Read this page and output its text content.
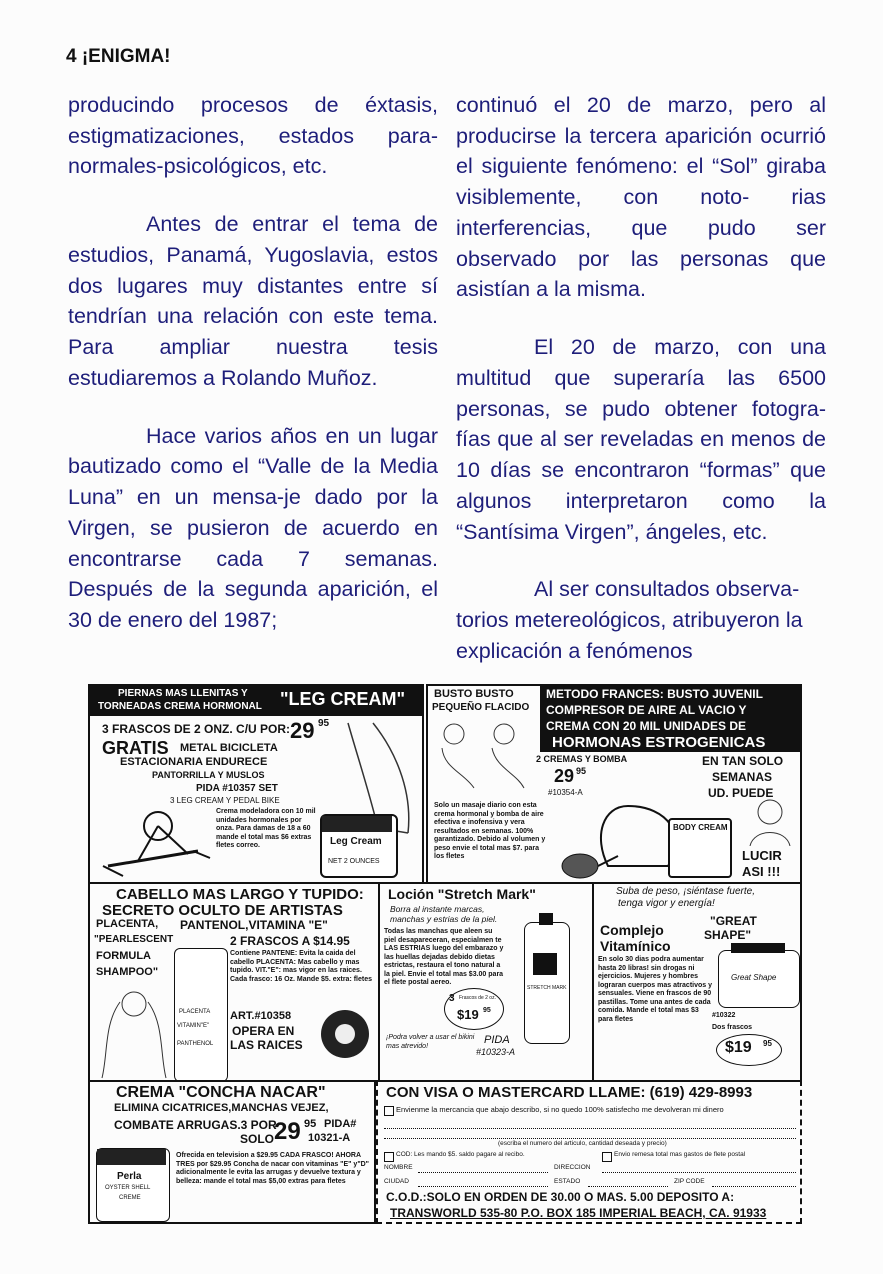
4 ¡ENIGMA!

producindo procesos de éxtasis, estigmatizaciones, estados para- normales-psicológicos, etc.

Antes de entrar el tema de estudios, Panamá, Yugoslavia, estos dos lugares muy distantes entre sí tendrían una relación con este tema. Para ampliar nuestra tesis estudiaremos a Rolando Muñoz.

Hace varios años en un lugar bautizado como el “Valle de la Media Luna” en un mensa-je dado por la Virgen, se pusieron de acuerdo en encontrarse cada 7 semanas. Después de la segunda aparición, el 30 de enero del 1987;

continuó el 20 de marzo, pero al producirse la tercera aparición ocurrió el siguiente fenómeno: el “Sol” giraba visiblemente, con noto- rias interferencias, que pudo ser observado por las personas que asistían a la misma.

El 20 de marzo, con una multitud que superaría las 6500 personas, se pudo obtener fotogra- fías que al ser reveladas en menos de 10 días se encontraron “formas” que algunos interpretaron como la “Santísima Virgen”, ángeles, etc.

Al ser consultados observa- torios metereológicos, atribuyeron la explicación a fenómenos

PIERNAS MAS LLENITAS Y
TORNEADAS CREMA HORMONAL "LEG CREAM"
3 FRASCOS DE 2 ONZ. C/U POR: 29 95
GRATIS METAL BICICLETA
ESTACIONARIA ENDURECE
PANTORRILLA Y MUSLOS
PIDA #10357 SET
3 LEG CREAM Y PEDAL BIKE
Crema modeladora con 10 mil unidades hormonales por onza. Para damas de 18 a 60 mande el total mas $6 extras fletes correo.	Leg Cream
NET 2 OUNCES
BUSTO BUSTO
PEQUEÑO FLACIDO
METODO FRANCES: BUSTO JUVENIL
COMPRESOR DE AIRE AL VACIO Y
CREMA CON 20 MIL UNIDADES DE
HORMONAS ESTROGENICAS
2 CREMAS Y BOMBA
29 95
#10354-A
EN TAN SOLO
SEMANAS
UD. PUEDE
Solo un masaje diario con esta crema hormonal y bomba de aire efectiva e inofensiva y vera resultados en semanas. 100% garantizado. Debido al volumen y peso envie el total mas $7. para los fletes
BODY CREAM
LUCIR
ASI !!!
CABELLO MAS LARGO Y TUPIDO:
SECRETO OCULTO DE ARTISTAS
PLACENTA, PANTENOL,VITAMINA "E"
"PEARLESCENT
FORMULA
SHAMPOO"
2 FRASCOS A $14.95
Contiene PANTENE: Evita la caida del cabello PLACENTA: Mas cabello y mas tupido. VIT."E": mas vigor en las raices. Cada frasco: 16 Oz. Mande $5. extra: fletes
PLACENTA
VITAMIN"E"
PANTHENOL
ART.#10358
OPERA EN
LAS RAICES
Loción "Stretch Mark"
Borra al instante marcas, manchas y estrias de la piel.
Todas las manchas que aleen su piel desapareceran, especialmen te LAS ESTRIAS luego del embarazo y las huellas dejadas debido dietas estrictas, restaura el tono natural a la piel. Envie el total mas $3.00 para el flete postal aereo.
3 Frascos de 2 oz.
$19 95
STRETCH MARK
¡Podra volver a usar el bikini mas atrevido!	PIDA
#10323-A
Suba de peso, ¡siéntase fuerte,
tenga vigor y energía!
"GREAT
SHAPE"
Complejo
Vitamínico
En solo 30 dias podra aumentar hasta 20 libras! sin drogas ni ejercicios. Mujeres y hombres lograran cuerpos mas atractivos y sensuales. Viene en frascos de 90 pastillas. Tome una antes de cada comida. Mande el total mas $3 para fletes
Great Shape
#10322
Dos frascos
$19 95
CREMA "CONCHA NACAR"
ELIMINA CICATRICES,MANCHAS VEJEZ,
COMBATE ARRUGAS.3 POR
SOLO 29 95 PIDA#
10321-A
Perla
OYSTER SHELL
CREME
Ofrecida en television a $29.95 CADA FRASCO! AHORA TRES por $29.95 Concha de nacar con vitaminas "E" y"D" adicionalmente le evita las arrugas y devuelve textura y belleza: mande el total mas $5,00 extras para fletes
CON VISA O MASTERCARD LLAME: (619) 429-8993
Envienme la mercancia que abajo describo, si no quedo 100% satisfecho me devolveran mi dinero
(escriba el numero del articulo, cantidad deseada y precio)
COD: Les mando $5. saldo pagare al recibo.	Envio remesa total mas gastos de flete postal
NOMBRE	DIRECCION
CIUDAD	ESTADO	ZIP CODE
C.O.D.:SOLO EN ORDEN DE 30.00 O MAS. 5.00 DEPOSITO A:
TRANSWORLD 535-80 P.O. BOX 185 IMPERIAL BEACH, CA. 91933
